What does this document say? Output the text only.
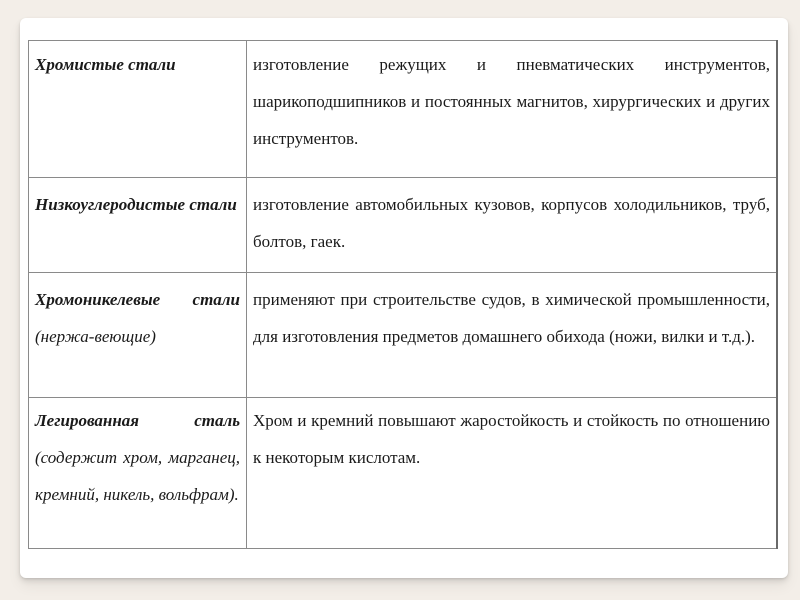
Хромистые стали	изготовление режущих и пневматических инструментов, шарикоподшипников и постоянных магнитов, хирургических и других инструментов.
Низкоуглеродистые стали	изготовление автомобильных кузовов, корпусов холодильников, труб, болтов, гаек.
Хромоникелевые стали (нержа-веющие)	применяют при строительстве судов, в химической промышленности, для изготовления предметов домашнего обихода (ножи, вилки и т.д.).
Легированная сталь (содержит хром, марганец, кремний, никель, вольфрам).	Хром и кремний повышают жаростойкость и стойкость по отношению к некоторым кислотам.
